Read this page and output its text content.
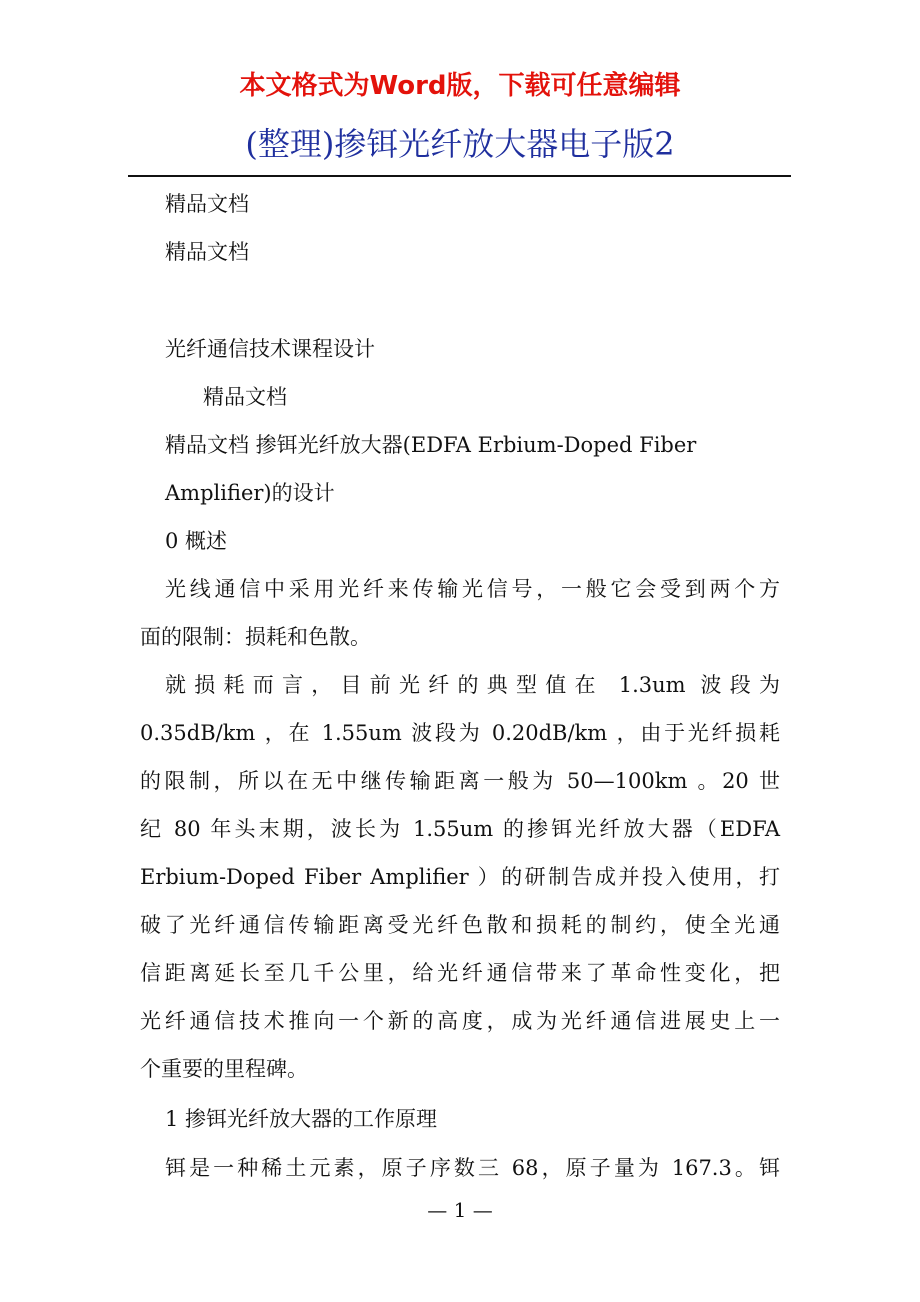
本文格式为Word版，下载可任意编辑
(整理)掺铒光纤放大器电子版2
精品文档
精品文档
光纤通信技术课程设计
精品文档
精品文档 掺铒光纤放大器(EDFA Erbium-Doped Fiber
Amplifier)的设计
0 概述
光线通信中采用光纤来传输光信号，一般它会受到两个方
面的限制：损耗和色散。
就损耗而言，目前光纤的典型值在 1.3um 波段为
0.35dB/km ，在 1.55um 波段为 0.20dB/km ，由于光纤损耗
的限制，所以在无中继传输距离一般为 50—100km 。20 世
纪 80 年头末期，波长为 1.55um 的掺铒光纤放大器（EDFA
Erbium-Doped Fiber Amplifier ）的研制告成并投入使用，打
破了光纤通信传输距离受光纤色散和损耗的制约，使全光通
信距离延长至几千公里，给光纤通信带来了革命性变化，把
光纤通信技术推向一个新的高度，成为光纤通信进展史上一
个重要的里程碑。
1 掺铒光纤放大器的工作原理
铒是一种稀土元素，原子序数三 68，原子量为 167.3。铒
— 1 —
